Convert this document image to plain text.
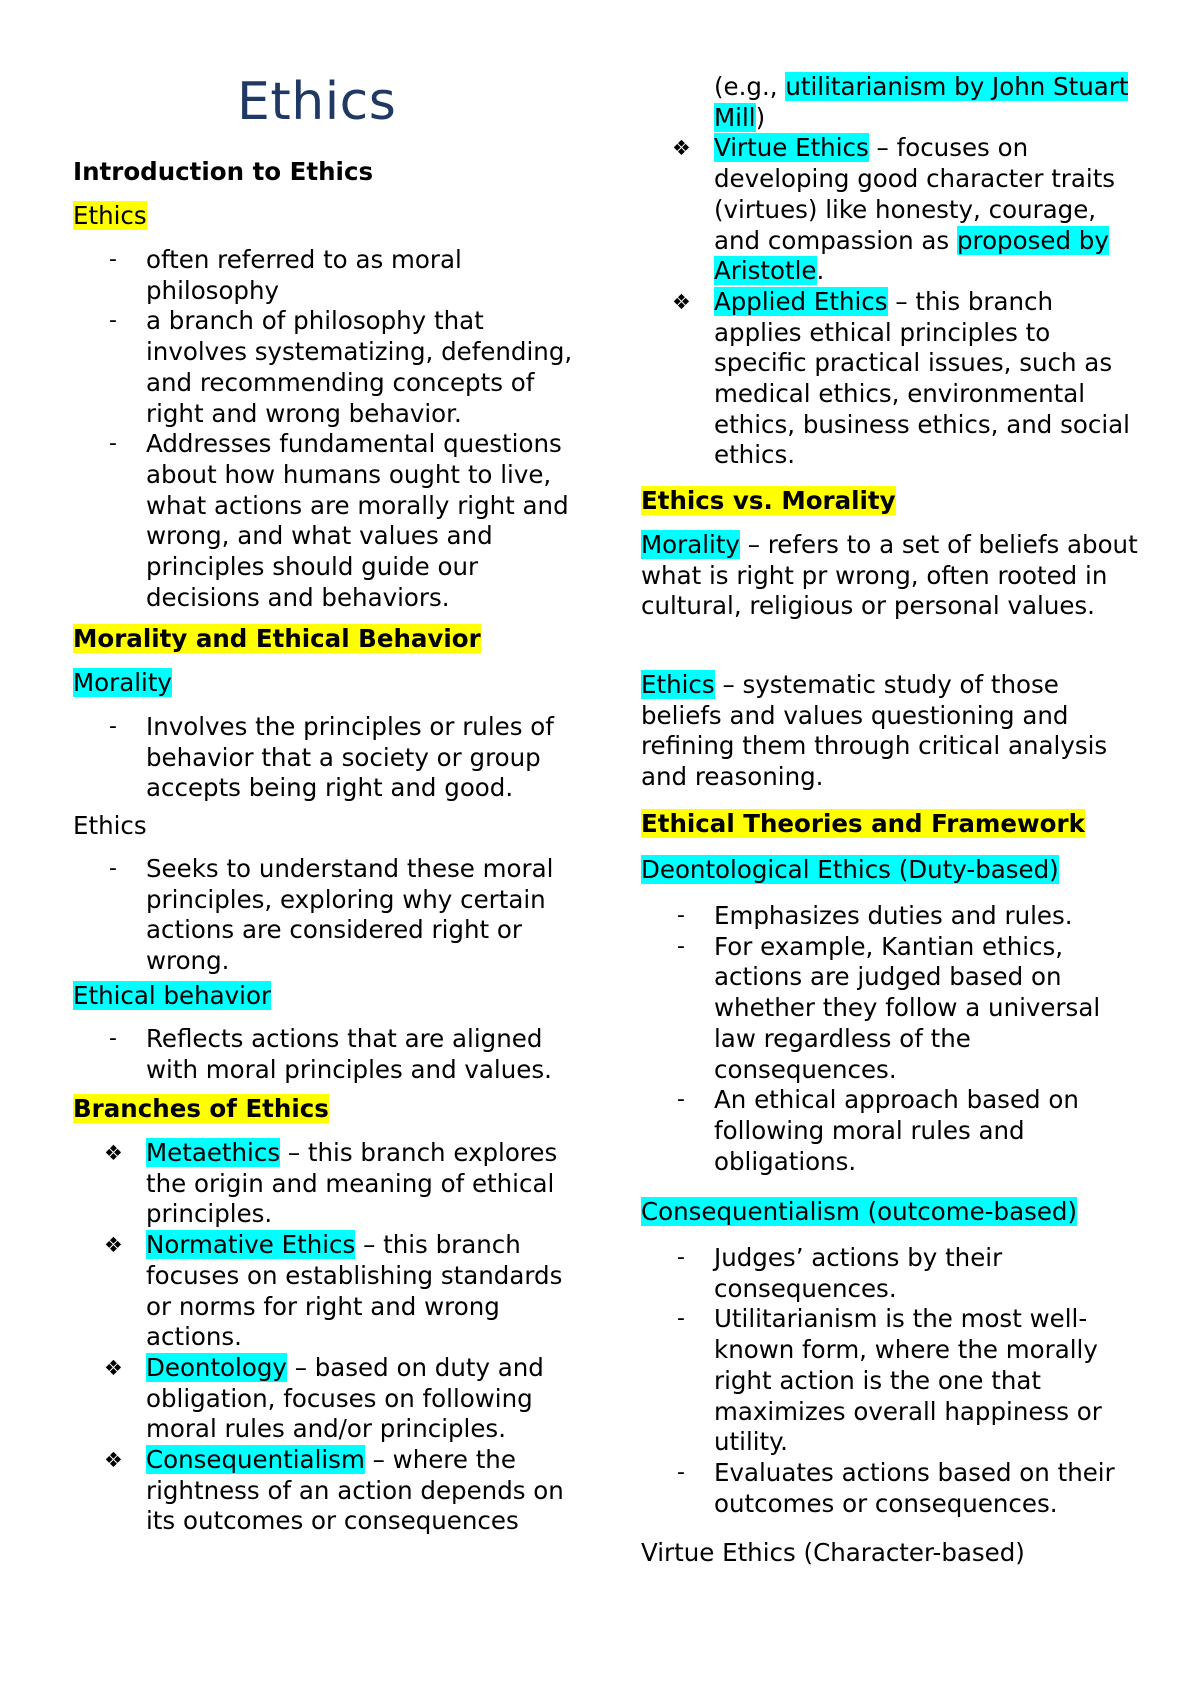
Ethics
Introduction to Ethics
Ethics
- often referred to as moral philosophy
- a branch of philosophy that involves systematizing, defending, and recommending concepts of right and wrong behavior.
- Addresses fundamental questions about how humans ought to live, what actions are morally right and wrong, and what values and principles should guide our decisions and behaviors.
Morality and Ethical Behavior
Morality
- Involves the principles or rules of behavior that a society or group accepts being right and good.
Ethics
- Seeks to understand these moral principles, exploring why certain actions are considered right or wrong.
Ethical behavior
- Reflects actions that are aligned with moral principles and values.
Branches of Ethics
❖ Metaethics – this branch explores the origin and meaning of ethical principles.
❖ Normative Ethics – this branch focuses on establishing standards or norms for right and wrong actions.
❖ Deontology – based on duty and obligation, focuses on following moral rules and/or principles.
❖ Consequentialism – where the rightness of an action depends on its outcomes or consequences
(e.g., utilitarianism by John Stuart Mill)
❖ Virtue Ethics – focuses on developing good character traits (virtues) like honesty, courage, and compassion as proposed by Aristotle.
❖ Applied Ethics – this branch applies ethical principles to specific practical issues, such as medical ethics, environmental ethics, business ethics, and social ethics.
Ethics vs. Morality

Morality – refers to a set of beliefs about what is right pr wrong, often rooted in cultural, religious or personal values.

Ethics – systematic study of those beliefs and values questioning and refining them through critical analysis and reasoning.

Ethical Theories and Framework
Deontological Ethics (Duty-based)
- Emphasizes duties and rules.
- For example, Kantian ethics, actions are judged based on whether they follow a universal law regardless of the consequences.
- An ethical approach based on following moral rules and obligations.
Consequentialism (outcome-based)
- Judges’ actions by their consequences.
- Utilitarianism is the most well-known form, where the morally right action is the one that maximizes overall happiness or utility.
- Evaluates actions based on their outcomes or consequences.
Virtue Ethics (Character-based)
